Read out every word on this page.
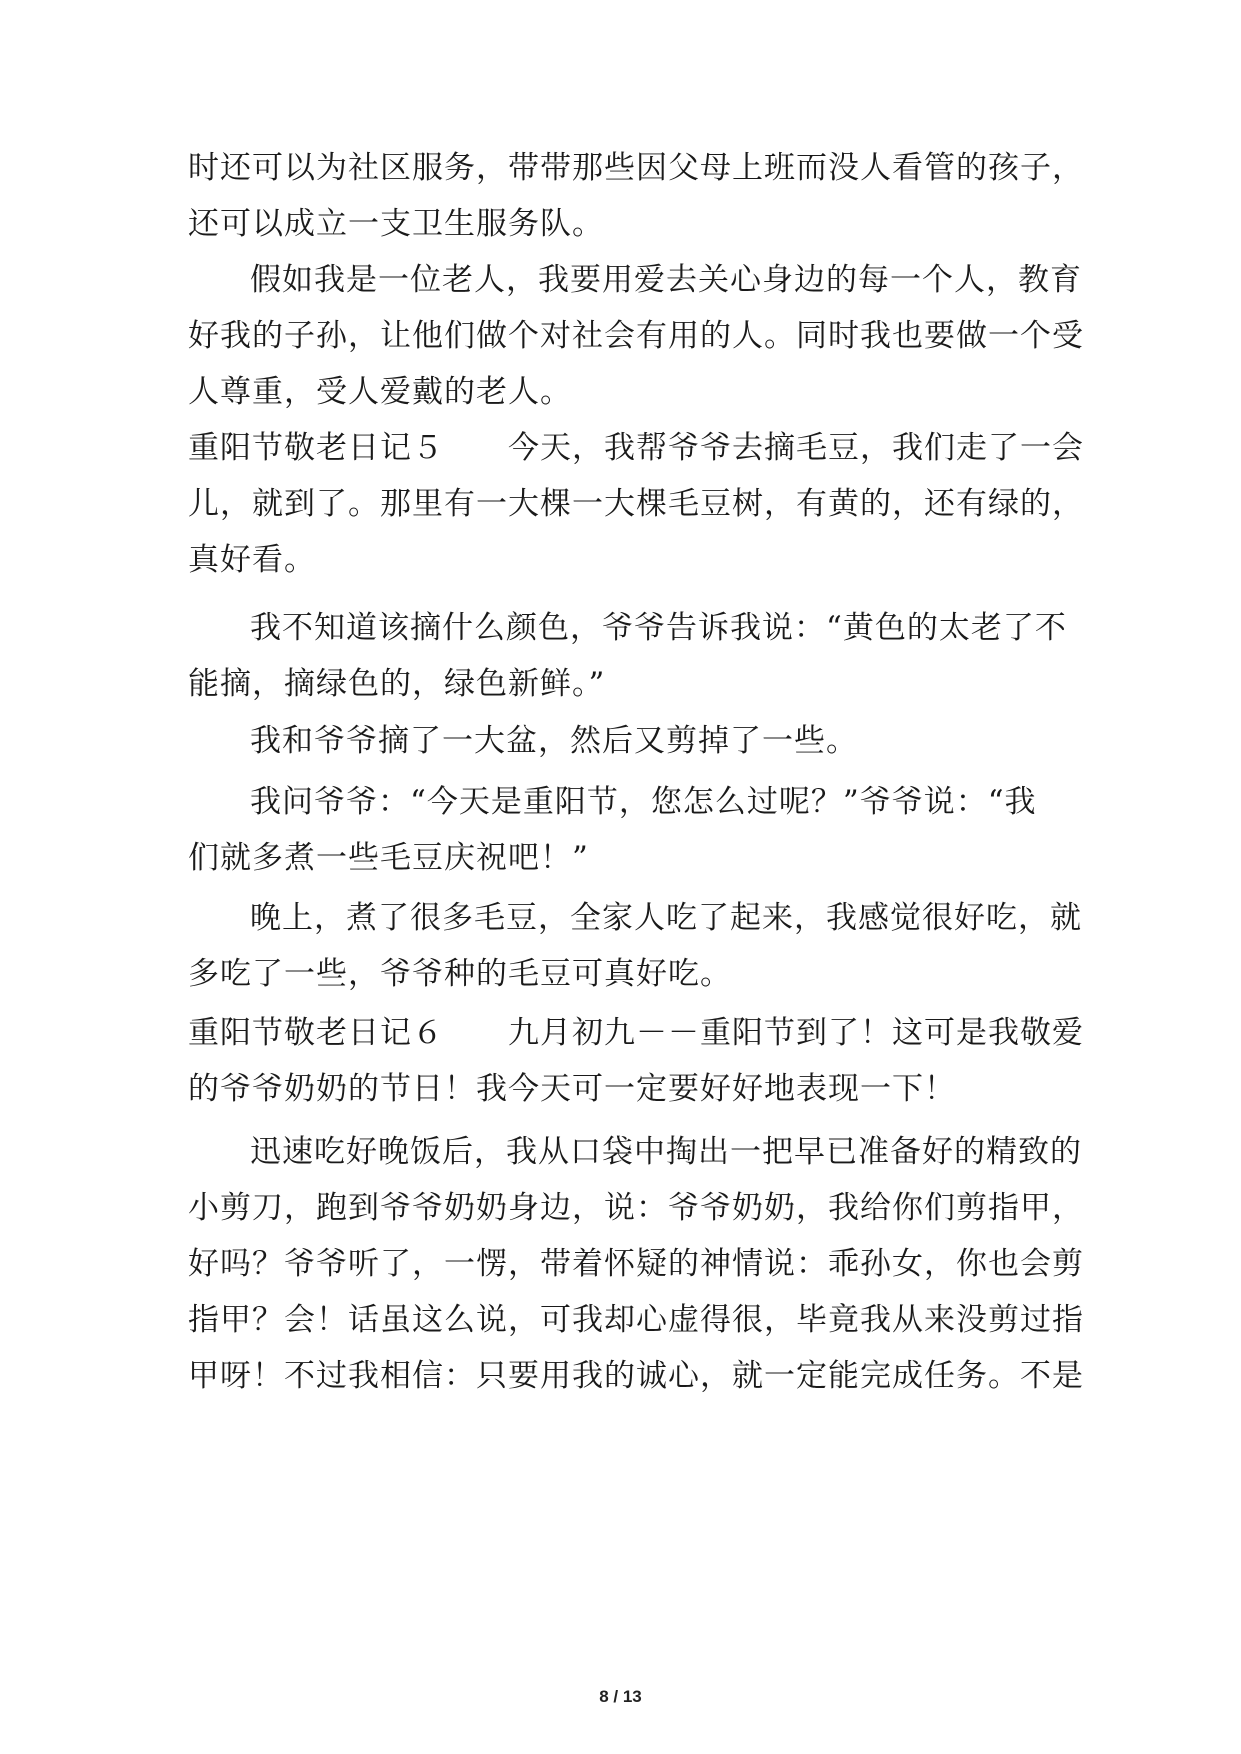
时还可以为社区服务，带带那些因父母上班而没人看管的孩子，
还可以成立一支卫生服务队。
假如我是一位老人，我要用爱去关心身边的每一个人，教育
好我的子孙，让他们做个对社会有用的人。同时我也要做一个受
人尊重，受人爱戴的老人。
重阳节敬老日记５　　今天，我帮爷爷去摘毛豆，我们走了一会
儿，就到了。那里有一大棵一大棵毛豆树，有黄的，还有绿的，
真好看。
我不知道该摘什么颜色，爷爷告诉我说：“黄色的太老了不
能摘，摘绿色的，绿色新鲜。”
我和爷爷摘了一大盆，然后又剪掉了一些。
我问爷爷：“今天是重阳节，您怎么过呢？”爷爷说：“我
们就多煮一些毛豆庆祝吧！”
晚上，煮了很多毛豆，全家人吃了起来，我感觉很好吃，就
多吃了一些，爷爷种的毛豆可真好吃。
重阳节敬老日记６　　九月初九－－重阳节到了！这可是我敬爱
的爷爷奶奶的节日！我今天可一定要好好地表现一下！
迅速吃好晚饭后，我从口袋中掏出一把早已准备好的精致的
小剪刀，跑到爷爷奶奶身边，说：爷爷奶奶，我给你们剪指甲，
好吗？爷爷听了，一愣，带着怀疑的神情说：乖孙女，你也会剪
指甲？会！话虽这么说，可我却心虚得很，毕竟我从来没剪过指
甲呀！不过我相信：只要用我的诚心，就一定能完成任务。不是
8 / 13
